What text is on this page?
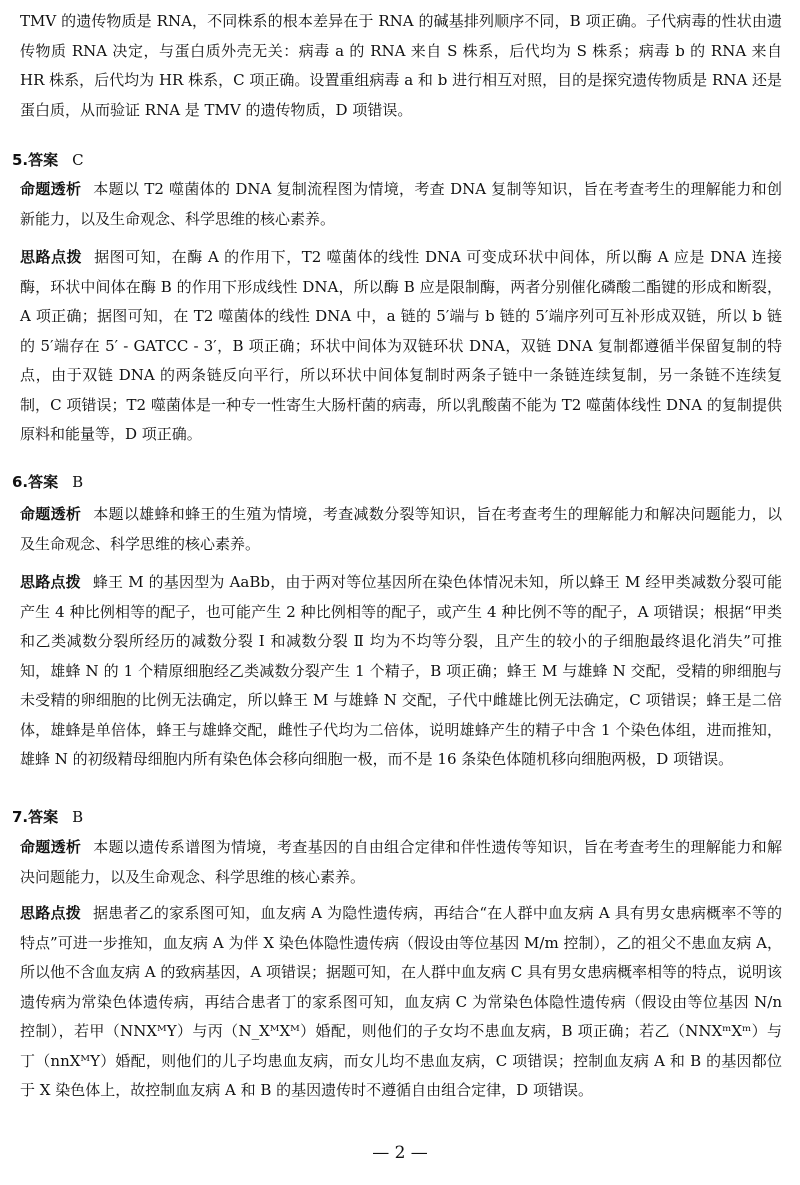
TMV 的遗传物质是 RNA，不同株系的根本差异在于 RNA 的碱基排列顺序不同，B 项正确。子代病毒的性状由遗传物质 RNA 决定，与蛋白质外壳无关：病毒 a 的 RNA 来自 S 株系，后代均为 S 株系；病毒 b 的 RNA 来自 HR 株系，后代均为 HR 株系，C 项正确。设置重组病毒 a 和 b 进行相互对照，目的是探究遗传物质是 RNA 还是蛋白质，从而验证 RNA 是 TMV 的遗传物质，D 项错误。

5.答案 C

命题透析 本题以 T2 噬菌体的 DNA 复制流程图为情境，考查 DNA 复制等知识，旨在考查考生的理解能力和创新能力，以及生命观念、科学思维的核心素养。

思路点拨 据图可知，在酶 A 的作用下，T2 噬菌体的线性 DNA 可变成环状中间体，所以酶 A 应是 DNA 连接酶，环状中间体在酶 B 的作用下形成线性 DNA，所以酶 B 应是限制酶，两者分别催化磷酸二酯键的形成和断裂，A 项正确；据图可知，在 T2 噬菌体的线性 DNA 中，a 链的 5′端与 b 链的 5′端序列可互补形成双链，所以 b 链的 5′端存在 5′ - GATCC - 3′，B 项正确；环状中间体为双链环状 DNA，双链 DNA 复制都遵循半保留复制的特点，由于双链 DNA 的两条链反向平行，所以环状中间体复制时两条子链中一条链连续复制，另一条链不连续复制，C 项错误；T2 噬菌体是一种专一性寄生大肠杆菌的病毒，所以乳酸菌不能为 T2 噬菌体线性 DNA 的复制提供原料和能量等，D 项正确。

6.答案 B

命题透析 本题以雄蜂和蜂王的生殖为情境，考查减数分裂等知识，旨在考查考生的理解能力和解决问题能力，以及生命观念、科学思维的核心素养。

思路点拨 蜂王 M 的基因型为 AaBb，由于两对等位基因所在染色体情况未知，所以蜂王 M 经甲类减数分裂可能产生 4 种比例相等的配子，也可能产生 2 种比例相等的配子，或产生 4 种比例不等的配子，A 项错误；根据“甲类和乙类减数分裂所经历的减数分裂 Ⅰ 和减数分裂 Ⅱ 均为不均等分裂，且产生的较小的子细胞最终退化消失”可推知，雄蜂 N 的 1 个精原细胞经乙类减数分裂产生 1 个精子，B 项正确；蜂王 M 与雄蜂 N 交配，受精的卵细胞与未受精的卵细胞的比例无法确定，所以蜂王 M 与雄蜂 N 交配，子代中雌雄比例无法确定，C 项错误；蜂王是二倍体，雄蜂是单倍体，蜂王与雄蜂交配，雌性子代均为二倍体，说明雄蜂产生的精子中含 1 个染色体组，进而推知，雄蜂 N 的初级精母细胞内所有染色体会移向细胞一极，而不是 16 条染色体随机移向细胞两极，D 项错误。

7.答案 B

命题透析 本题以遗传系谱图为情境，考查基因的自由组合定律和伴性遗传等知识，旨在考查考生的理解能力和解决问题能力，以及生命观念、科学思维的核心素养。

思路点拨 据患者乙的家系图可知，血友病 A 为隐性遗传病，再结合“在人群中血友病 A 具有男女患病概率不等的特点”可进一步推知，血友病 A 为伴 X 染色体隐性遗传病（假设由等位基因 M/m 控制），乙的祖父不患血友病 A，所以他不含血友病 A 的致病基因，A 项错误；据题可知，在人群中血友病 C 具有男女患病概率相等的特点，说明该遗传病为常染色体遗传病，再结合患者丁的家系图可知，血友病 C 为常染色体隐性遗传病（假设由等位基因 N/n 控制），若甲（NNXᴹY）与丙（N_XᴹXᴹ）婚配，则他们的子女均不患血友病，B 项正确；若乙（NNXᵐXᵐ）与丁（nnXᴹY）婚配，则他们的儿子均患血友病，而女儿均不患血友病，C 项错误；控制血友病 A 和 B 的基因都位于 X 染色体上，故控制血友病 A 和 B 的基因遗传时不遵循自由组合定律，D 项错误。

— 2 —
